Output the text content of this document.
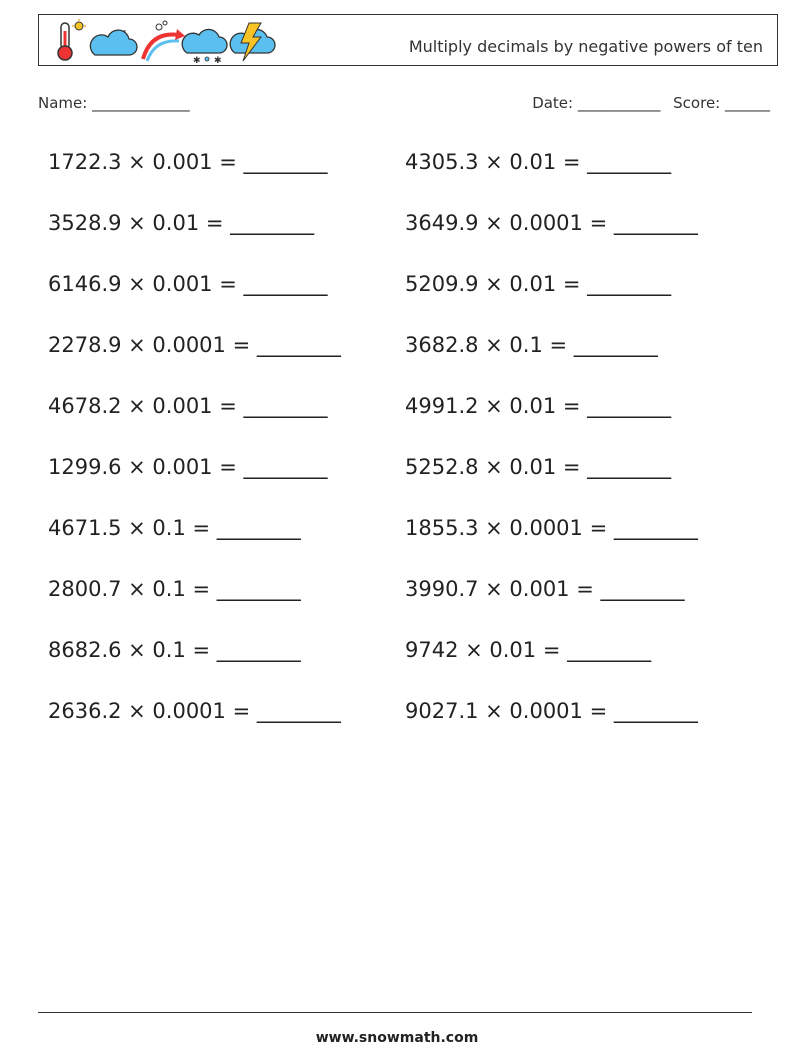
✱ ✱
Multiply decimals by negative powers of ten
Name: _____________	Date: ___________ Score: ______
1722.3 × 0.001 = ________	4305.3 × 0.01 = ________
3528.9 × 0.01 = ________	3649.9 × 0.0001 = ________
6146.9 × 0.001 = ________	5209.9 × 0.01 = ________
2278.9 × 0.0001 = ________	3682.8 × 0.1 = ________
4678.2 × 0.001 = ________	4991.2 × 0.01 = ________
1299.6 × 0.001 = ________	5252.8 × 0.01 = ________
4671.5 × 0.1 = ________	1855.3 × 0.0001 = ________
2800.7 × 0.1 = ________	3990.7 × 0.001 = ________
8682.6 × 0.1 = ________	9742 × 0.01 = ________
2636.2 × 0.0001 = ________	9027.1 × 0.0001 = ________
www.snowmath.com
